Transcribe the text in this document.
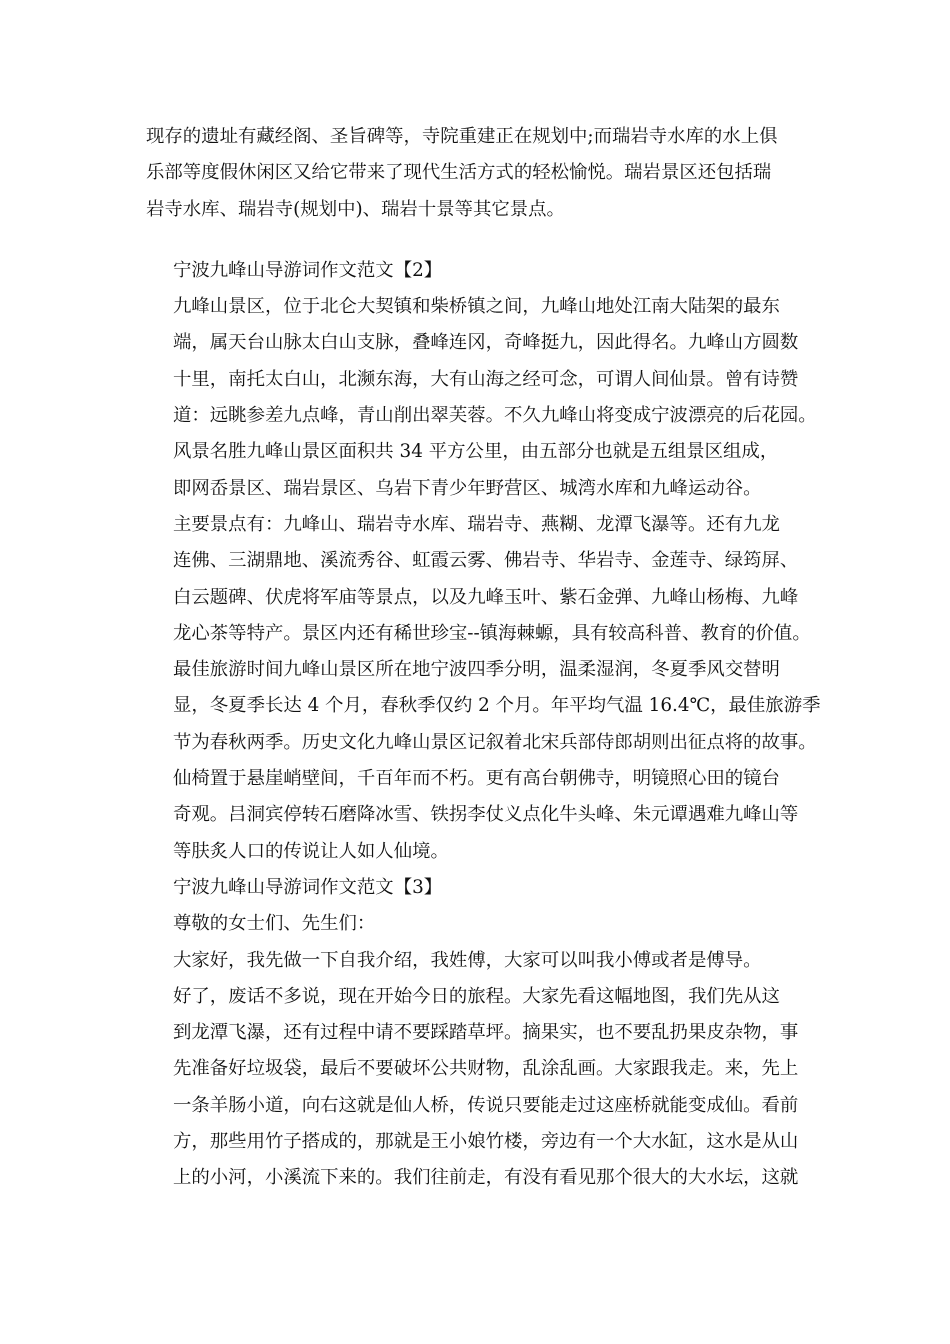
现存的遗址有藏经阁、圣旨碑等，寺院重建正在规划中;而瑞岩寺水库的水上俱
乐部等度假休闲区又给它带来了现代生活方式的轻松愉悦。瑞岩景区还包括瑞
岩寺水库、瑞岩寺(规划中)、瑞岩十景等其它景点。
宁波九峰山导游词作文范文【2】
九峰山景区，位于北仑大契镇和柴桥镇之间，九峰山地处江南大陆架的最东
端，属天台山脉太白山支脉，叠峰连冈，奇峰挺九，因此得名。九峰山方圆数
十里，南托太白山，北濒东海，大有山海之经可念，可谓人间仙景。曾有诗赞
道：远眺参差九点峰，青山削出翠芙蓉。不久九峰山将变成宁波漂亮的后花园。
风景名胜九峰山景区面积共 34 平方公里，由五部分也就是五组景区组成，
即网岙景区、瑞岩景区、乌岩下青少年野营区、城湾水库和九峰运动谷。
主要景点有：九峰山、瑞岩寺水库、瑞岩寺、燕糊、龙潭飞瀑等。还有九龙
连佛、三湖鼎地、溪流秀谷、虹霞云雾、佛岩寺、华岩寺、金莲寺、绿筠屏、
白云题碑、伏虎将军庙等景点，以及九峰玉叶、紫石金弹、九峰山杨梅、九峰
龙心茶等特产。景区内还有稀世珍宝--镇海棘螈，具有较高科普、教育的价值。
最佳旅游时间九峰山景区所在地宁波四季分明，温柔湿润，冬夏季风交替明
显，冬夏季长达 4 个月，春秋季仅约 2 个月。年平均气温 16.4℃，最佳旅游季
节为春秋两季。历史文化九峰山景区记叙着北宋兵部侍郎胡则出征点将的故事。
仙椅置于悬崖峭壁间，千百年而不朽。更有高台朝佛寺，明镜照心田的镜台
奇观。吕洞宾停转石磨降冰雪、铁拐李仗义点化牛头峰、朱元谭遇难九峰山等
等肤炙人口的传说让人如人仙境。
宁波九峰山导游词作文范文【3】
尊敬的女士们、先生们：
大家好，我先做一下自我介绍，我姓傅，大家可以叫我小傅或者是傅导。
好了，废话不多说，现在开始今日的旅程。大家先看这幅地图，我们先从这
到龙潭飞瀑，还有过程中请不要踩踏草坪。摘果实，也不要乱扔果皮杂物，事
先准备好垃圾袋，最后不要破坏公共财物，乱涂乱画。大家跟我走。来，先上
一条羊肠小道，向右这就是仙人桥，传说只要能走过这座桥就能变成仙。看前
方，那些用竹子搭成的，那就是王小娘竹楼，旁边有一个大水缸，这水是从山
上的小河，小溪流下来的。我们往前走，有没有看见那个很大的大水坛，这就
